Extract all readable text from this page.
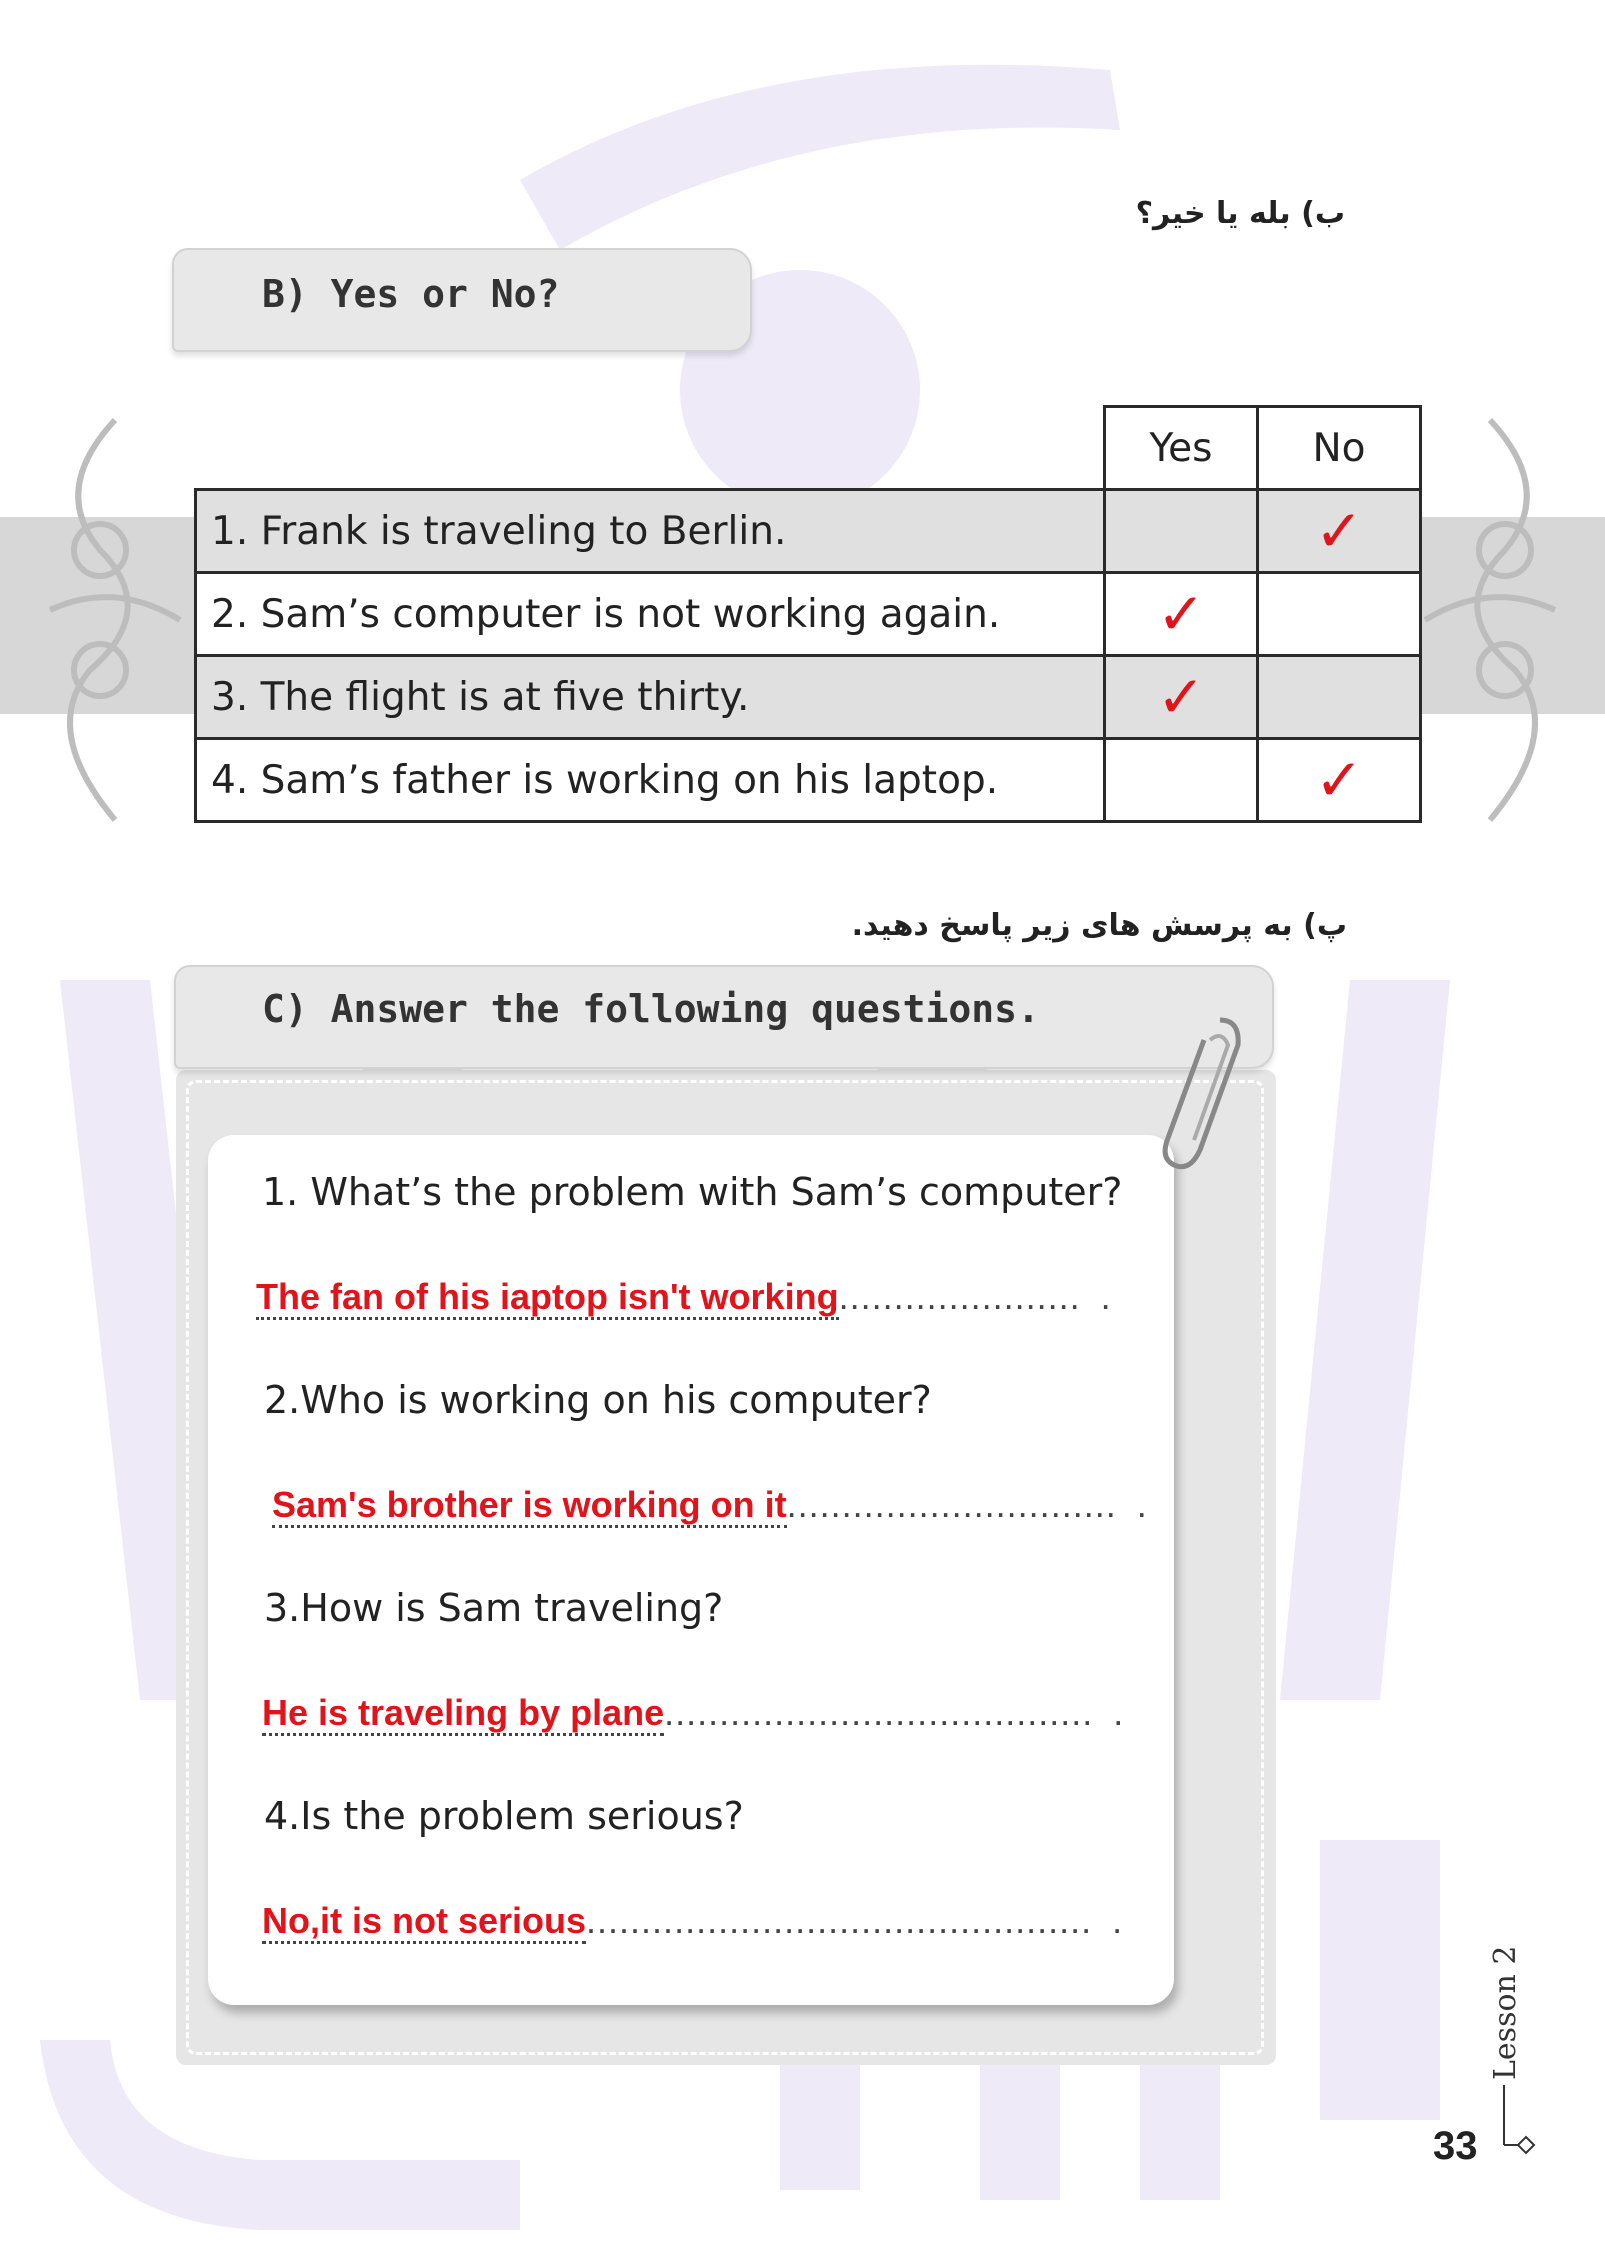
ب) بله یا خیر؟
B) Yes or No?
	Yes	No
1. Frank is traveling to Berlin.		✓
2. Sam’s computer is not working again.	✓	
3. The flight is at five thirty.	✓	
4. Sam’s father is working on his laptop.		✓
پ) به پرسش های زیر پاسخ دهید.
C) Answer the following questions.
1. What’s the problem with Sam’s computer?
The fan of his iaptop isn't working...................... .
2.Who is working on his computer?
Sam's brother is working on it.............................. .
3.How is Sam traveling?
He is traveling by plane....................................... .
4.Is the problem serious?
No,it is not serious.............................................. .
Lesson 2
33
